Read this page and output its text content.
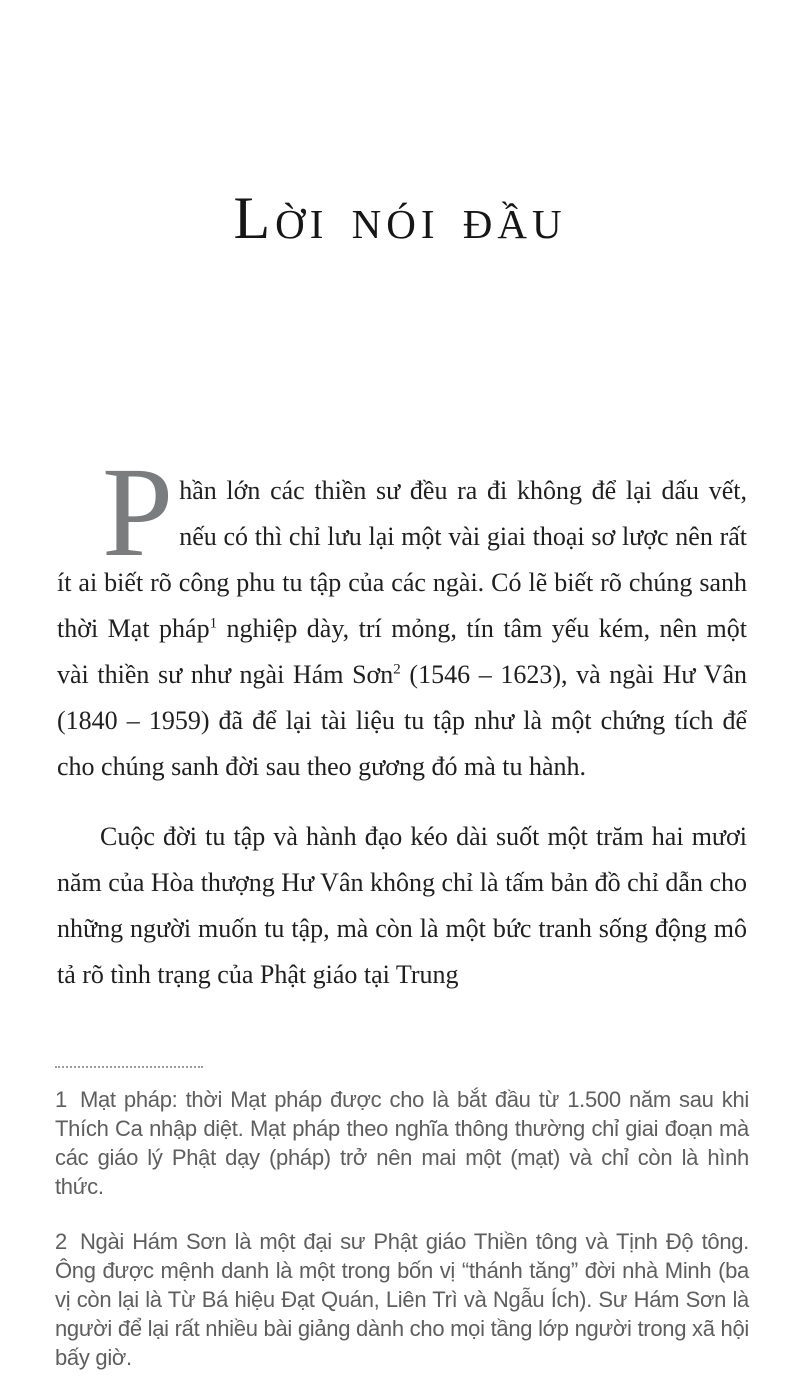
LỜI NÓI ĐẦU

Phần lớn các thiền sư đều ra đi không để lại dấu vết, nếu có thì chỉ lưu lại một vài giai thoại sơ lược nên rất ít ai biết rõ công phu tu tập của các ngài. Có lẽ biết rõ chúng sanh thời Mạt pháp$^1$ nghiệp dày, trí mỏng, tín tâm yếu kém, nên một vài thiền sư như ngài Hám Sơn$^2$ (1546 – 1623), và ngài Hư Vân (1840 – 1959) đã để lại tài liệu tu tập như là một chứng tích để cho chúng sanh đời sau theo gương đó mà tu hành.

Cuộc đời tu tập và hành đạo kéo dài suốt một trăm hai mươi năm của Hòa thượng Hư Vân không chỉ là tấm bản đồ chỉ dẫn cho những người muốn tu tập, mà còn là một bức tranh sống động mô tả rõ tình trạng của Phật giáo tại Trung

1 Mạt pháp: thời Mạt pháp được cho là bắt đầu từ 1.500 năm sau khi Thích Ca nhập diệt. Mạt pháp theo nghĩa thông thường chỉ giai đoạn mà các giáo lý Phật dạy (pháp) trở nên mai một (mạt) và chỉ còn là hình thức.

2 Ngài Hám Sơn là một đại sư Phật giáo Thiền tông và Tịnh Độ tông. Ông được mệnh danh là một trong bốn vị “thánh tăng” đời nhà Minh (ba vị còn lại là Từ Bá hiệu Đạt Quán, Liên Trì và Ngẫu Ích). Sư Hám Sơn là người để lại rất nhiều bài giảng dành cho mọi tầng lớp người trong xã hội bấy giờ.
